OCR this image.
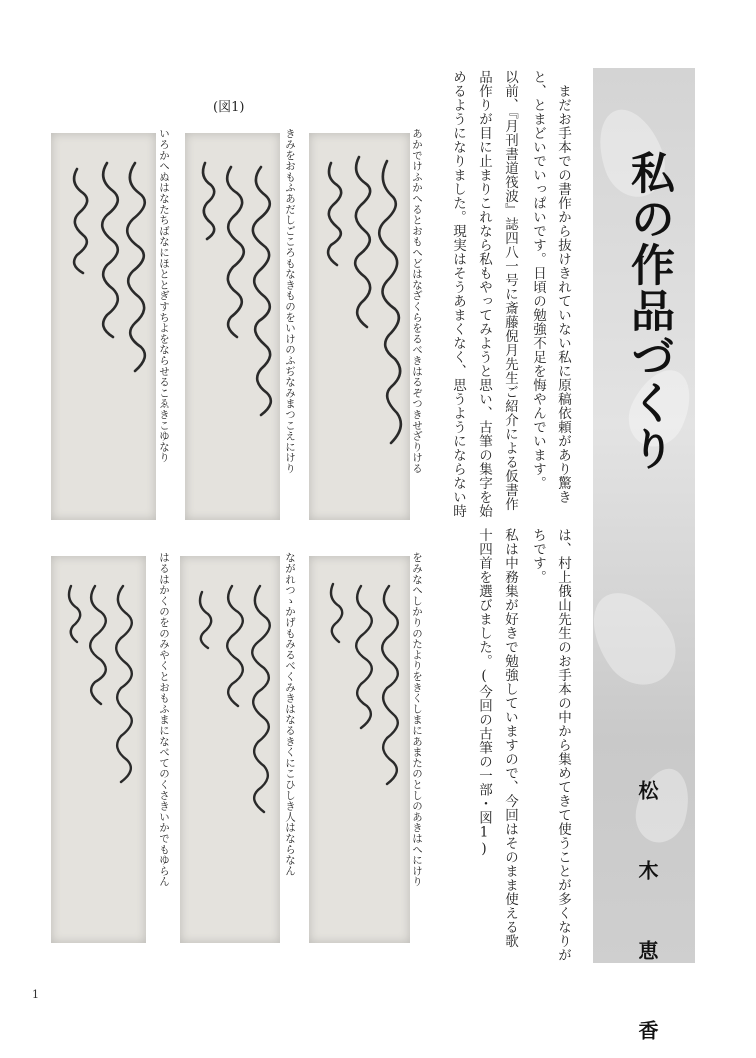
私の作品づくり
松 木 恵 香
まだお手本での書作から抜けきれていない私に原稿依頼があり驚き
と、とまどいでいっぱいです。日頃の勉強不足を悔やんでいます。
以前、『月刊書道筏波』誌四八一号に斎藤倪月先生ご紹介による仮書作
品作りが目に止まりこれなら私もやってみようと思い、古筆の集字を始
めるようになりました。現実はそうあまくなく、思うようにならない時
は、村上俄山先生のお手本の中から集めてきて使うことが多くなりが
ちです。
私は中務集が好きで勉強していますので、今回はそのまま使える歌
十四首を選びました。(今回の古筆の一部・図1)
(図1)
あかでけふかへるとおもへどはなざくらをるべきはるぞつきせざりける
きみをおもふあだしごころもなきものをいけのふぢなみまつこえにけり
いろかへぬはなたちばなにほととぎすちよをならせるこゑきこゆなり
をみなへしかりのたよりをきくしまにあまたのとしのあきはへにけり
ながれつゝかげもみるべくみきはなるきくにこひしき人はならなん
はるはかくのをのみやくとおもふまになべてのくさきいかでもゆらん
1
